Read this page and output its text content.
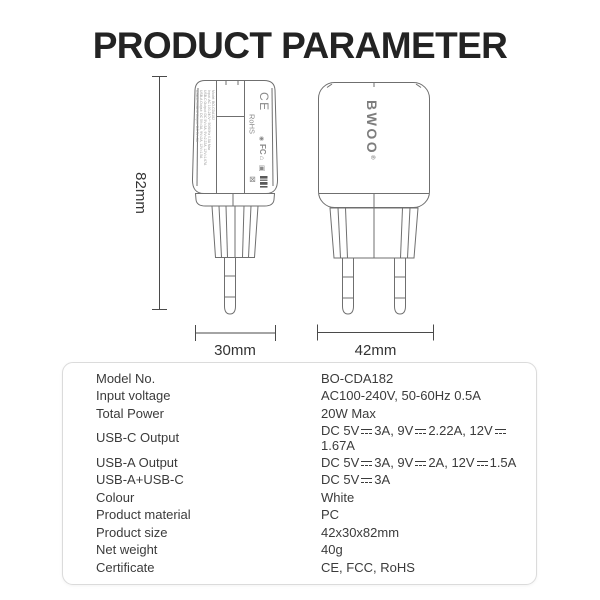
PRODUCT PARAMETER
82mm
Model: BO-CDA182
Input: AC 100-240V~ 50/60Hz 0.5A Max
USB-C Output: DC 5V=3A, 9V=2.22A, 12V=1.67A
USB-A Output: DC 5V=3A, 9V=2A, 12V=1.5A
USB-A+USB-C Output: DC 5V=3A	CE
RoHS
◉
FC
⌂
▣
⊠
BWOO®
30mm	42mm
Model No.	BO-CDA182
Input voltage	AC100-240V, 50-60Hz 0.5A
Total Power	20W Max
USB-C Output	DC 5V 3A, 9V 2.22A, 12V1.67A
USB-A Output	DC 5V 3A, 9V 2A, 12V 1.5A
USB-A+USB-C	DC 5V 3A
Colour	White
Product material	PC
Product size	42x30x82mm
Net weight	40g
Certificate	CE, FCC, RoHS
